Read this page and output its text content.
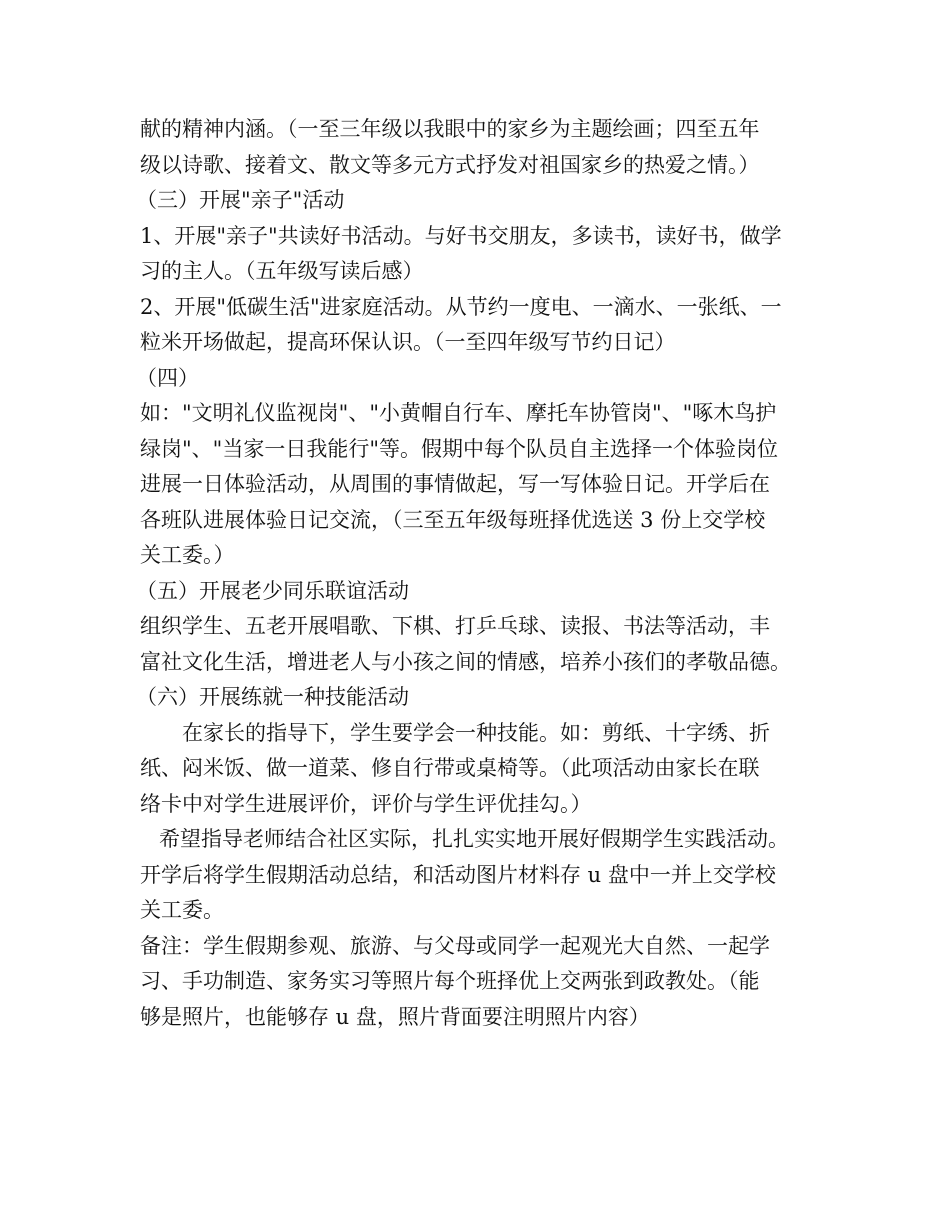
献的精神内涵。（一至三年级以我眼中的家乡为主题绘画；四至五年
级以诗歌、接着文、散文等多元方式抒发对祖国家乡的热爱之情。）
（三）开展"亲子"活动
1、开展"亲子"共读好书活动。与好书交朋友，多读书，读好书，做学
习的主人。（五年级写读后感）
2、开展"低碳生活"进家庭活动。从节约一度电、一滴水、一张纸、一
粒米开场做起，提高环保认识。（一至四年级写节约日记）
（四）
如："文明礼仪监视岗"、"小黄帽自行车、摩托车协管岗"、"啄木鸟护
绿岗"、"当家一日我能行"等。假期中每个队员自主选择一个体验岗位
进展一日体验活动，从周围的事情做起，写一写体验日记。开学后在
各班队进展体验日记交流，（三至五年级每班择优选送 3 份上交学校
关工委。）
（五）开展老少同乐联谊活动
组织学生、五老开展唱歌、下棋、打乒乓球、读报、书法等活动，丰
富社文化生活，增进老人与小孩之间的情感，培养小孩们的孝敬品德。
（六）开展练就一种技能活动
在家长的指导下，学生要学会一种技能。如：剪纸、十字绣、折
纸、闷米饭、做一道菜、修自行带或桌椅等。（此项活动由家长在联
络卡中对学生进展评价，评价与学生评优挂勾。）
希望指导老师结合社区实际，扎扎实实地开展好假期学生实践活动。
开学后将学生假期活动总结，和活动图片材料存 u 盘中一并上交学校
关工委。
备注：学生假期参观、旅游、与父母或同学一起观光大自然、一起学
习、手功制造、家务实习等照片每个班择优上交两张到政教处。（能
够是照片，也能够存 u 盘，照片背面要注明照片内容）
